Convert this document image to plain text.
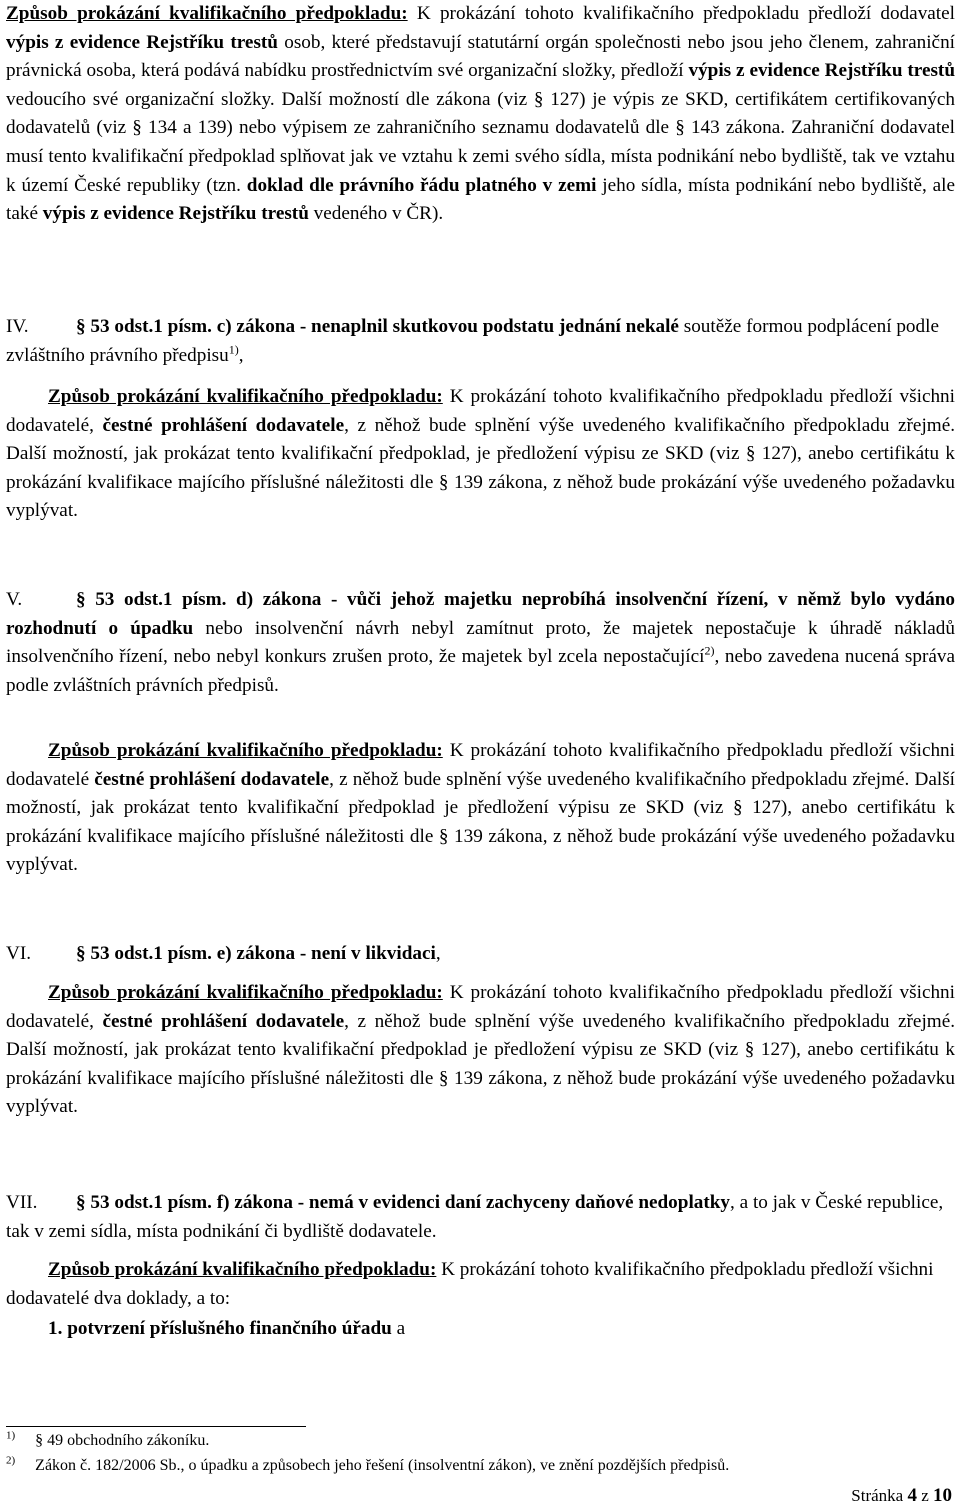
Způsob prokázání kvalifikačního předpokladu: K prokázání tohoto kvalifikačního předpokladu předloží dodavatel výpis z evidence Rejstříku trestů osob, které představují statutární orgán společnosti nebo jsou jeho členem, zahraniční právnická osoba, která podává nabídku prostřednictvím své organizační složky, předloží výpis z evidence Rejstříku trestů vedoucího své organizační složky. Další možností dle zákona (viz § 127) je výpis ze SKD, certifikátem certifikovaných dodavatelů (viz § 134 a 139) nebo výpisem ze zahraničního seznamu dodavatelů dle § 143 zákona. Zahraniční dodavatel musí tento kvalifikační předpoklad splňovat jak ve vztahu k zemi svého sídla, místa podnikání nebo bydliště, tak ve vztahu k území České republiky (tzn. doklad dle právního řádu platného v zemi jeho sídla, místa podnikání nebo bydliště, ale také výpis z evidence Rejstříku trestů vedeného v ČR).

IV. § 53 odst.1 písm. c) zákona - nenaplnil skutkovou podstatu jednání nekalé soutěže formou podplácení podle zvláštního právního předpisu$^{1)}$,

Způsob prokázání kvalifikačního předpokladu: K prokázání tohoto kvalifikačního předpokladu předloží všichni dodavatelé, čestné prohlášení dodavatele, z něhož bude splnění výše uvedeného kvalifikačního předpokladu zřejmé. Další možností, jak prokázat tento kvalifikační předpoklad, je předložení výpisu ze SKD (viz § 127), anebo certifikátu k prokázání kvalifikace majícího příslušné náležitosti dle § 139 zákona, z něhož bude prokázání výše uvedeného požadavku vyplývat.

V.	§ 53 odst.1 písm. d) zákona - vůči jehož majetku neprobíhá insolvenční řízení, v němž bylo vydáno rozhodnutí o úpadku nebo insolvenční návrh nebyl zamítnut proto, že majetek nepostačuje k úhradě nákladů insolvenčního řízení, nebo nebyl konkurs zrušen proto, že majetek byl zcela nepostačující$^{2)}$, nebo zavedena nucená správa podle zvláštních právních předpisů.

Způsob prokázání kvalifikačního předpokladu: K prokázání tohoto kvalifikačního předpokladu předloží všichni dodavatelé čestné prohlášení dodavatele, z něhož bude splnění výše uvedeného kvalifikačního předpokladu zřejmé. Další možností, jak prokázat tento kvalifikační předpoklad je předložení výpisu ze SKD (viz § 127), anebo certifikátu k prokázání kvalifikace majícího příslušné náležitosti dle § 139 zákona, z něhož bude prokázání výše uvedeného požadavku vyplývat.

VI. § 53 odst.1 písm. e) zákona - není v likvidaci,

Způsob prokázání kvalifikačního předpokladu: K prokázání tohoto kvalifikačního předpokladu předloží všichni dodavatelé, čestné prohlášení dodavatele, z něhož bude splnění výše uvedeného kvalifikačního předpokladu zřejmé. Další možností, jak prokázat tento kvalifikační předpoklad je předložení výpisu ze SKD (viz § 127), anebo certifikátu k prokázání kvalifikace majícího příslušné náležitosti dle § 139 zákona, z něhož bude prokázání výše uvedeného požadavku vyplývat.

VII. § 53 odst.1 písm. f) zákona - nemá v evidenci daní zachyceny daňové nedoplatky, a to jak v České republice, tak v zemi sídla, místa podnikání či bydliště dodavatele.

Způsob prokázání kvalifikačního předpokladu: K prokázání tohoto kvalifikačního předpokladu předloží všichni dodavatelé dva doklady, a to:

1. potvrzení příslušného finančního úřadu a

$^{1)}$ § 49 obchodního zákoníku.

$^{2)}$ Zákon č. 182/2006 Sb., o úpadku a způsobech jeho řešení (insolventní zákon), ve znění pozdějších předpisů.

Stránka 4 z 10
